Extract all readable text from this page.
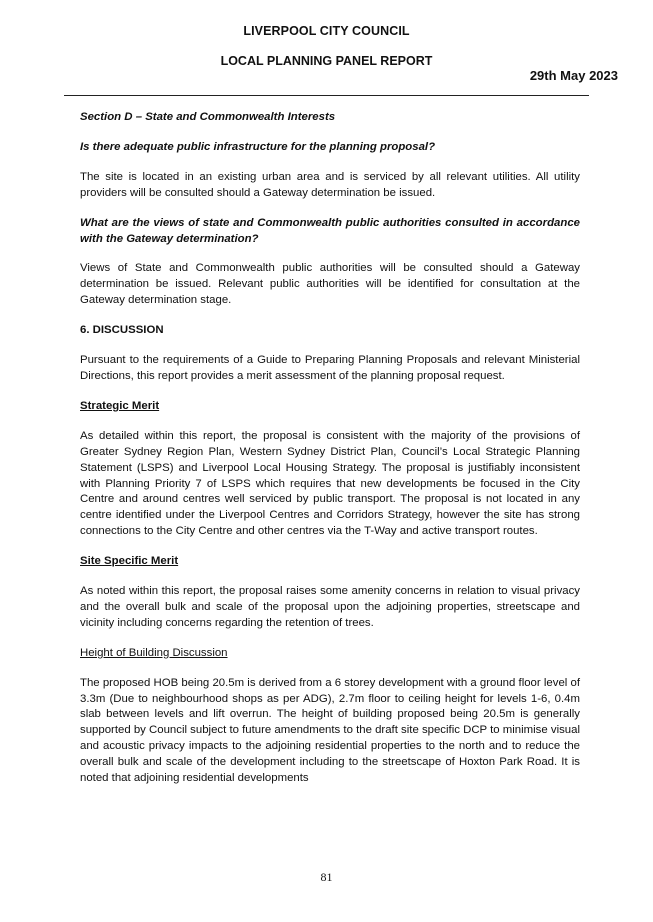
LIVERPOOL CITY COUNCIL
LOCAL PLANNING PANEL REPORT
29th May 2023

Section D – State and Commonwealth Interests

Is there adequate public infrastructure for the planning proposal?

The site is located in an existing urban area and is serviced by all relevant utilities. All utility providers will be consulted should a Gateway determination be issued.

What are the views of state and Commonwealth public authorities consulted in accordance with the Gateway determination?

Views of State and Commonwealth public authorities will be consulted should a Gateway determination be issued. Relevant public authorities will be identified for consultation at the Gateway determination stage.

6. DISCUSSION

Pursuant to the requirements of a Guide to Preparing Planning Proposals and relevant Ministerial Directions, this report provides a merit assessment of the planning proposal request.

Strategic Merit

As detailed within this report, the proposal is consistent with the majority of the provisions of Greater Sydney Region Plan, Western Sydney District Plan, Council’s Local Strategic Planning Statement (LSPS) and Liverpool Local Housing Strategy. The proposal is justifiably inconsistent with Planning Priority 7 of LSPS which requires that new developments be focused in the City Centre and around centres well serviced by public transport. The proposal is not located in any centre identified under the Liverpool Centres and Corridors Strategy, however the site has strong connections to the City Centre and other centres via the T-Way and active transport routes.

Site Specific Merit

As noted within this report, the proposal raises some amenity concerns in relation to visual privacy and the overall bulk and scale of the proposal upon the adjoining properties, streetscape and vicinity including concerns regarding the retention of trees.

Height of Building Discussion

The proposed HOB being 20.5m is derived from a 6 storey development with a ground floor level of 3.3m (Due to neighbourhood shops as per ADG), 2.7m floor to ceiling height for levels 1-6, 0.4m slab between levels and lift overrun. The height of building proposed being 20.5m is generally supported by Council subject to future amendments to the draft site specific DCP to minimise visual and acoustic privacy impacts to the adjoining residential properties to the north and to reduce the overall bulk and scale of the development including to the streetscape of Hoxton Park Road. It is noted that adjoining residential developments

81
